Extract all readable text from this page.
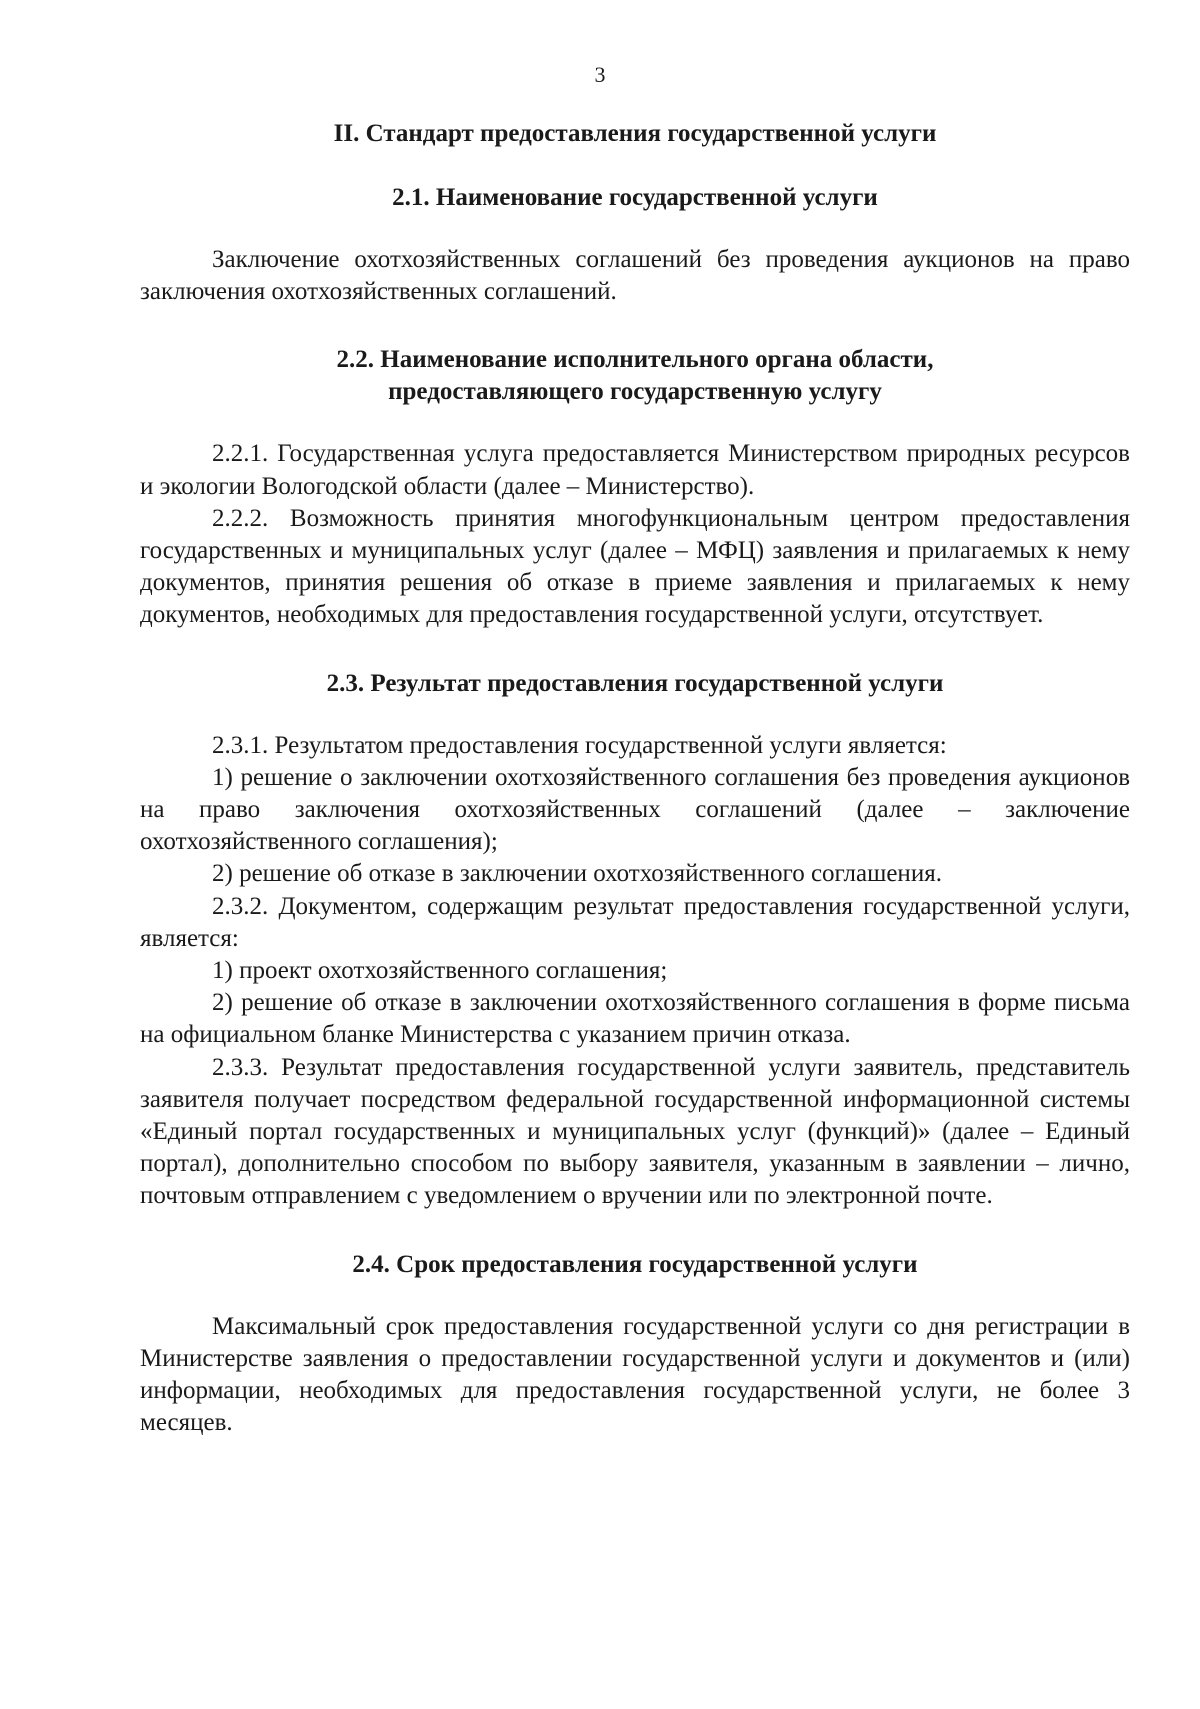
3
II. Стандарт предоставления государственной услуги
2.1. Наименование государственной услуги

Заключение охотхозяйственных соглашений без проведения аукционов на право заключения охотхозяйственных соглашений.

2.2. Наименование исполнительного органа области,
предоставляющего государственную услугу

2.2.1. Государственная услуга предоставляется Министерством природных ресурсов и экологии Вологодской области (далее – Министерство).

2.2.2. Возможность принятия многофункциональным центром предоставления государственных и муниципальных услуг (далее – МФЦ) заявления и прилагаемых к нему документов, принятия решения об отказе в приеме заявления и прилагаемых к нему документов, необходимых для предоставления государственной услуги, отсутствует.

2.3. Результат предоставления государственной услуги

2.3.1. Результатом предоставления государственной услуги является:

1) решение о заключении охотхозяйственного соглашения без проведения аукционов на право заключения охотхозяйственных соглашений (далее – заключение охотхозяйственного соглашения);

2) решение об отказе в заключении охотхозяйственного соглашения.

2.3.2. Документом, содержащим результат предоставления государственной услуги, является:

1) проект охотхозяйственного соглашения;

2) решение об отказе в заключении охотхозяйственного соглашения в форме письма на официальном бланке Министерства с указанием причин отказа.

2.3.3. Результат предоставления государственной услуги заявитель, представитель заявителя получает посредством федеральной государственной информационной системы «Единый портал государственных и муниципальных услуг (функций)» (далее – Единый портал), дополнительно способом по выбору заявителя, указанным в заявлении – лично, почтовым отправлением с уведомлением о вручении или по электронной почте.

2.4. Срок предоставления государственной услуги

Максимальный срок предоставления государственной услуги со дня регистрации в Министерстве заявления о предоставлении государственной услуги и документов и (или) информации, необходимых для предоставления государственной услуги, не более 3 месяцев.
